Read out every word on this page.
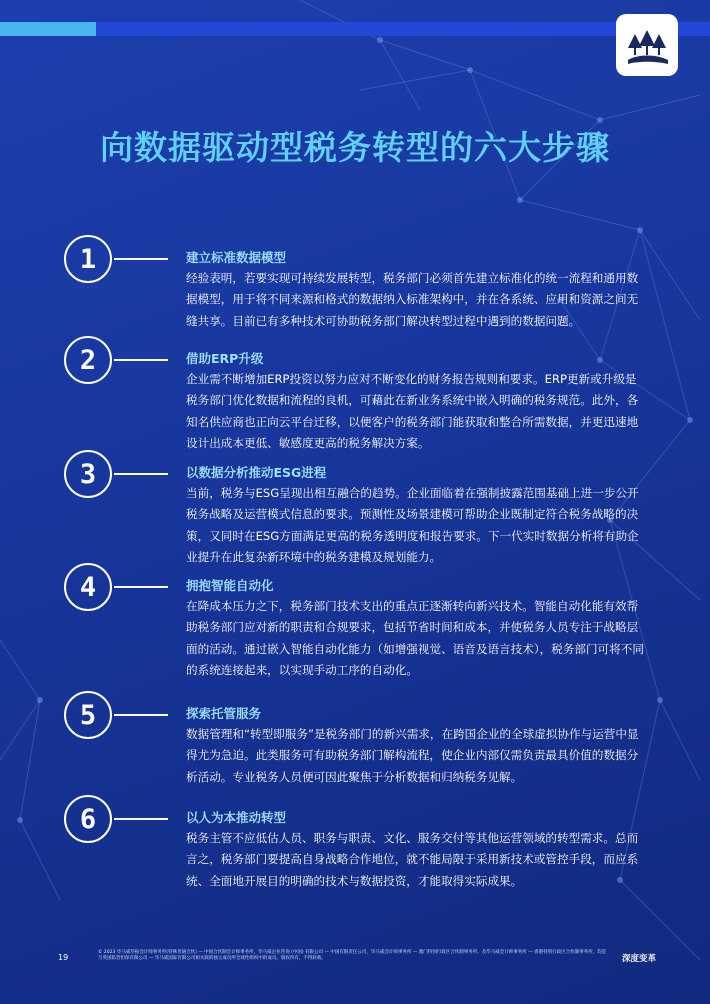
向数据驱动型税务转型的六大步骤
1	建立标准数据模型

经验表明，若要实现可持续发展转型，税务部门必须首先建立标准化的统一流程和通用数据模型，用于将不同来源和格式的数据纳入标准架构中，并在各系统、应用和资源之间无缝共享。目前已有多种技术可协助税务部门解决转型过程中遇到的数据问题。

2	借助ERP升级

企业需不断增加ERP投资以努力应对不断变化的财务报告规则和要求。ERP更新或升级是税务部门优化数据和流程的良机，可藉此在新业务系统中嵌入明确的税务规范。此外，各知名供应商也正向云平台迁移，以便客户的税务部门能获取和整合所需数据，并更迅速地设计出成本更低、敏感度更高的税务解决方案。

3	以数据分析推动ESG进程

当前，税务与ESG呈现出相互融合的趋势。企业面临着在强制披露范围基础上进一步公开税务战略及运营模式信息的要求。预测性及场景建模可帮助企业既制定符合税务战略的决策，又同时在ESG方面满足更高的税务透明度和报告要求。下一代实时数据分析将有助企业提升在此复杂新环境中的税务建模及规划能力。

4	拥抱智能自动化

在降成本压力之下，税务部门技术支出的重点正逐渐转向新兴技术。智能自动化能有效帮助税务部门应对新的职责和合规要求，包括节省时间和成本，并使税务人员专注于战略层面的活动。通过嵌入智能自动化能力（如增强视觉、语音及语言技术），税务部门可将不同的系统连接起来，以实现手动工序的自动化。

5	探索托管服务

数据管理和“转型即服务”是税务部门的新兴需求，在跨国企业的全球虚拟协作与运营中显得尤为急迫。此类服务可有助税务部门解构流程，使企业内部仅需负责最具价值的数据分析活动。专业税务人员便可因此聚焦于分析数据和归纳税务见解。

6	以人为本推动转型

税务主管不应低估人员、职务与职责、文化、服务交付等其他运营领域的转型需求。总而言之，税务部门要提高自身战略合作地位，就不能局限于采用新技术或管控手段，而应系统、全面地开展目的明确的技术与数据投资，才能取得实际成果。

19
© 2023 毕马威华振会计师事务所(特殊普通合伙) — 中国合伙制会计师事务所，毕马威企业咨询 (中国) 有限公司 — 中国有限责任公司，毕马威会计师事务所 — 澳门特别行政区合伙制事务所，及毕马威会计师事务所 — 香港特别行政区合伙制事务所，均是与英国私营担保有限公司 — 毕马威国际有限公司相关联的独立成员所全球性组织中的成员。版权所有，不得转载。	深度变革
